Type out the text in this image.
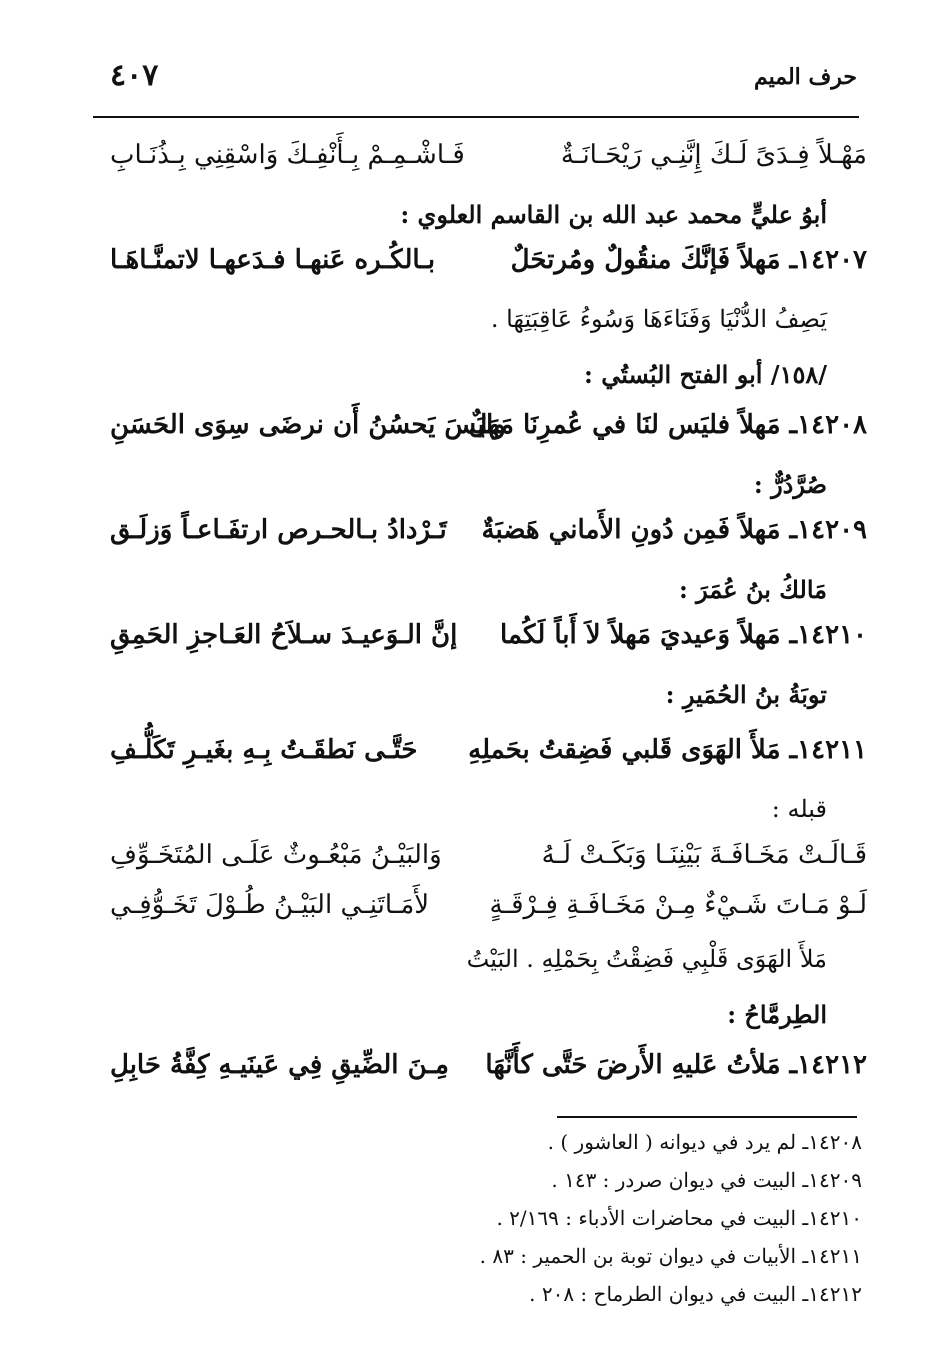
حرف الميم
٤٠٧
مَهْـلاً فِـدَىً لَـكَ إِنَّنِـي رَيْحَـانَـةٌ
فَـاشْـمِـمْ بِـأَنْفِـكَ وَاسْقِنِي بِـذُنَـابِ
أبوُ عليٍّ محمد عبد الله بن القاسم العلوي :
١٤٢٠٧ـ مَهلاً فَإنَّكَ منقُولٌ ومُرتحَلٌ
بـالكُـره عَنهـا فـدَعهـا لاتمنَّـاهَـا
يَصِفُ الدُّنْيَا وَفَنَاءَهَا وَسُوءُ عَاقِبَتِهَا .
/١٥٨/ أبو الفتح البُستُي :
١٤٢٠٨ـ مَهلاً فليَس لنَا في عُمرِنَا مَهَلٌ
وليَسَ يَحسُنُ أَن نرضَى سِوَى الحَسَنِ
صُرَّدُرٌّ :
١٤٢٠٩ـ مَهلاً فَمِن دُونِ الأَماني هَضبَةٌ
تَـرْدادُ بـالحـرص ارتفَـاعـاً وَزلَـق
مَالكُ بنُ عُمَرَ :
١٤٢١٠ـ مَهلاً وَعيديَ مَهلاً لاَ أَباً لَكُما
إنَّ الـوَعيـدَ سـلاَحُ العَـاجزِ الحَمِقِ
توبَةُ بنُ الحُمَيرِ :
١٤٢١١ـ مَلأَ الهَوَى قَلبي فَضِقتُ بحَملِهِ
حَتَّـى نَطقَـتُ بِـهِ بغَيـرِ تَكَلُّـفِ
قبله :
قَـالَـتْ مَخَـافَـةَ بَيْنِنَـا وَبَكَـتْ لَـهُ
وَالبَيْـنُ مَبْعُـوثٌ عَلَـى المُتَخَـوِّفِ
لَـوْ مَـاتَ شَـيْءٌ مِـنْ مَخَـافَـةِ فِـرْقَـةٍ
لأَمَـاتَنِـي البَيْـنُ طُـوْلَ تَخَـوُّفِـي
مَلأَ الهَوَى قَلْبِي فَضِقْتُ بِحَمْلِهِ . البَيْتُ
الطِرمَّاحُ :
١٤٢١٢ـ مَلأتُ عَليهِ الأَرضَ حَتَّى كأَنَّهَا
مِـنَ الضِّيقِ فِي عَينَيـهِ كِفَّةُ حَابِلِ
١٤٢٠٨ـ لم يرد في ديوانه ( العاشور ) .
١٤٢٠٩ـ البيت في ديوان صردر : ١٤٣ .
١٤٢١٠ـ البيت في محاضرات الأدباء : ٢/١٦٩ .
١٤٢١١ـ الأبيات في ديوان توبة بن الحمير : ٨٣ .
١٤٢١٢ـ البيت في ديوان الطرماح : ٢٠٨ .
